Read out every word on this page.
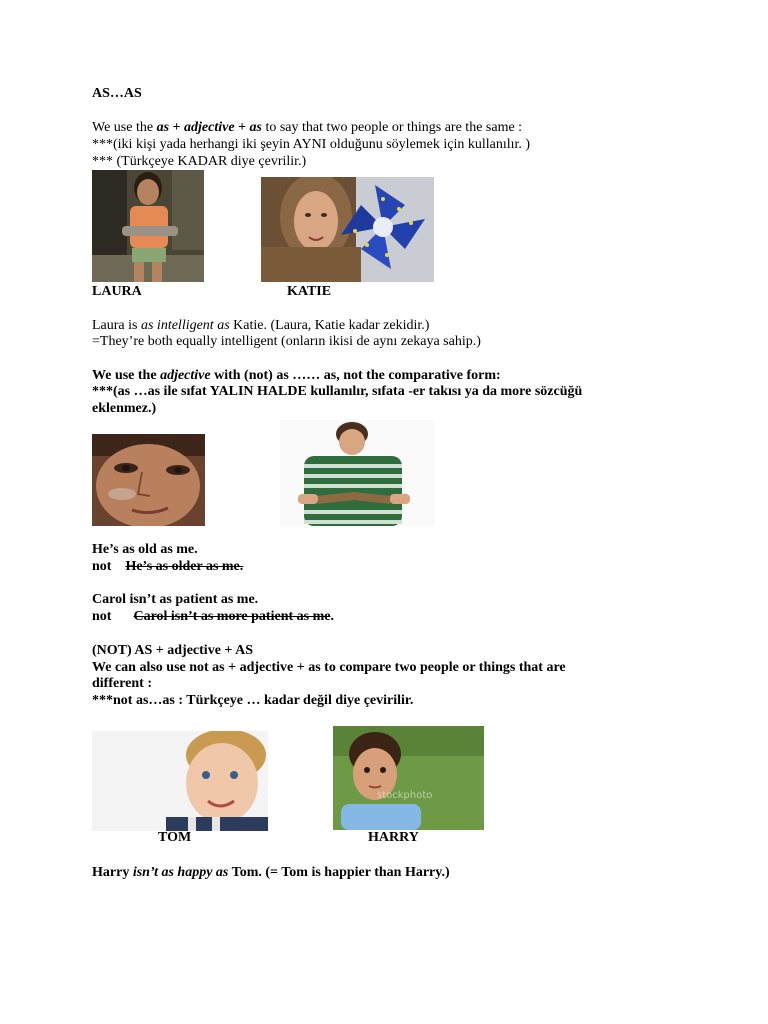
AS…AS
We use the as + adjective + as to say that two people or things are the same :
***(iki kişi yada herhangi iki şeyin AYNI olduğunu söylemek için kullanılır. )
*** (Türkçeye KADAR diye çevrilir.)
LAURA	KATIE
Laura is as intelligent as Katie. (Laura, Katie kadar zekidir.)
=They’re both equally intelligent (onların ikisi de aynı zekaya sahip.)
We use the adjective with (not) as …… as, not the comparative form:
***(as …as ile sıfat YALIN HALDE kullanılır, sıfata -er takısı ya da more sözcüğü
eklenmez.)
He’s as old as me.
not He’s as older as me.
Carol isn’t as patient as me.
not Carol isn’t as more patient as me.
(NOT) AS + adjective + AS
We can also use not as + adjective + as to compare two people or things that are
different :
***not as…as : Türkçeye … kadar değil diye çevirilir.
stockphoto
TOM	HARRY
Harry isn’t as happy as Tom. (= Tom is happier than Harry.)
